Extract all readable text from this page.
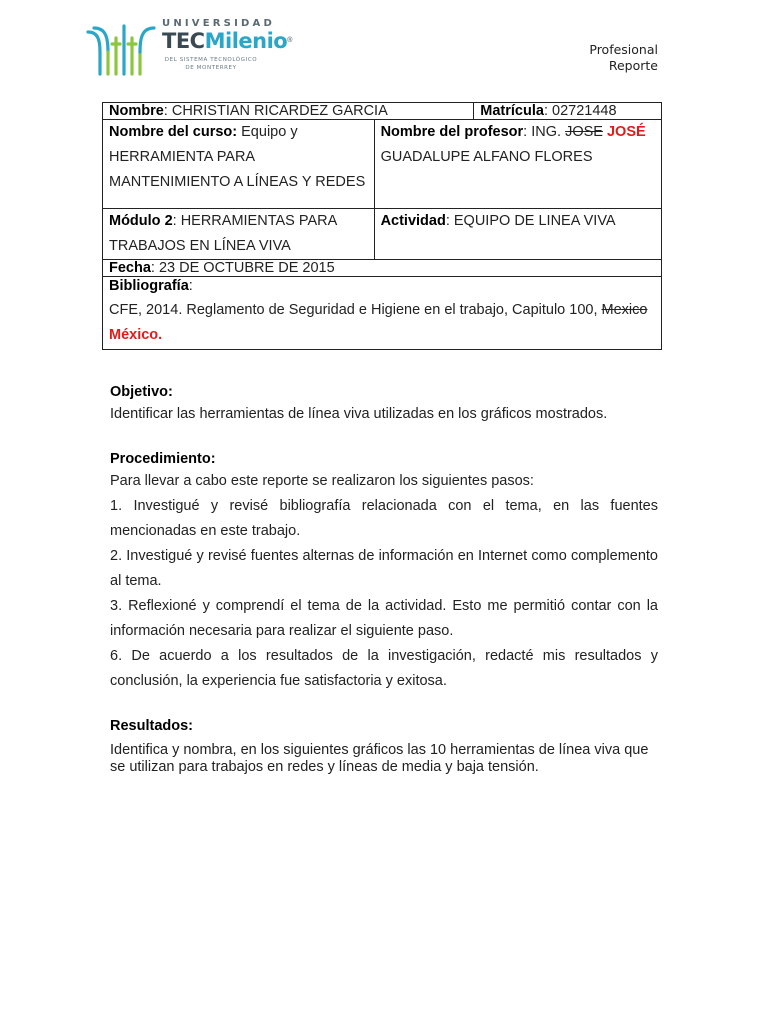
UNIVERSIDAD
TECMilenio®
DEL SISTEMA TECNOLÓGICO
DE MONTERREY
Profesional
Reporte
Nombre: CHRISTIAN RICARDEZ GARCIA		Matrícula: 02721448
Nombre del curso: Equipo y HERRAMIENTA PARA MANTENIMIENTO A LÍNEAS Y REDES	Nombre del profesor: ING. JOSE JOSÉ GUADALUPE ALFANO FLORES	
Módulo 2: HERRAMIENTAS PARA TRABAJOS EN LÍNEA VIVA	Actividad: EQUIPO DE LINEA VIVA	
Fecha: 23 DE OCTUBRE DE 2015		

Bibliografía:
CFE, 2014. Reglamento de Seguridad e Higiene en el trabajo, Capitulo 100, Mexico México.		
Objetivo:
Identificar las herramientas de línea viva utilizadas en los gráficos mostrados.
Procedimiento:
Para llevar a cabo este reporte se realizaron los siguientes pasos:
1. Investigué y revisé bibliografía relacionada con el tema, en las fuentes mencionadas en este trabajo.
2. Investigué y revisé fuentes alternas de información en Internet como complemento al tema.
3. Reflexioné y comprendí el tema de la actividad. Esto me permitió contar con la información necesaria para realizar el siguiente paso.
6. De acuerdo a los resultados de la investigación, redacté mis resultados y conclusión, la experiencia fue satisfactoria y exitosa.
Resultados:
Identifica y nombra, en los siguientes gráficos las 10 herramientas de línea viva que se utilizan para trabajos en redes y líneas de media y baja tensión.
